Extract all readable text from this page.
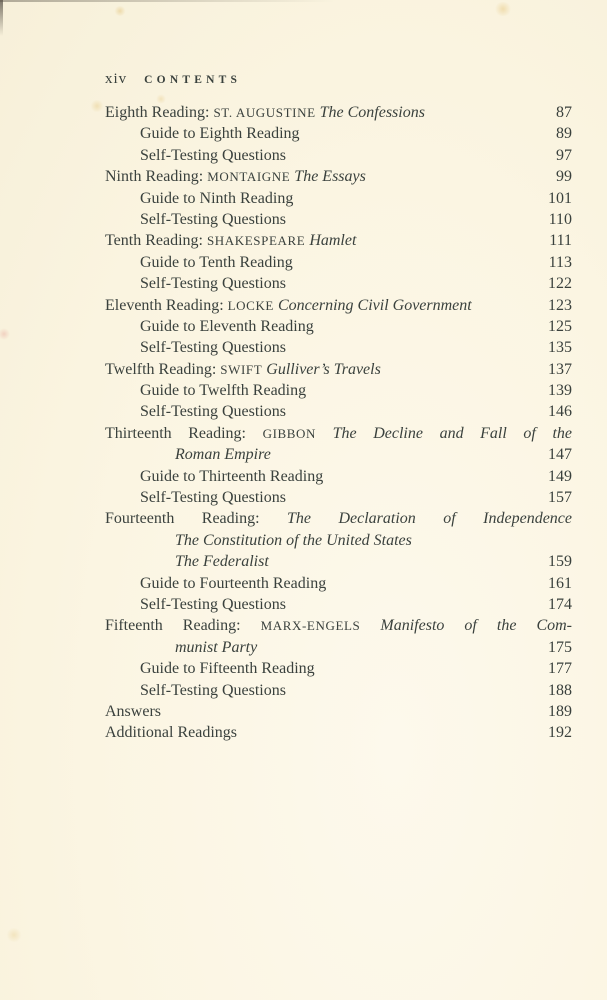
xiv CONTENTS
Eighth Reading: ST. AUGUSTINE The Confessions	87
Guide to Eighth Reading	89
Self-Testing Questions	97
Ninth Reading: MONTAIGNE The Essays	99
Guide to Ninth Reading	101
Self-Testing Questions	110
Tenth Reading: SHAKESPEARE Hamlet	111
Guide to Tenth Reading	113
Self-Testing Questions	122
Eleventh Reading: LOCKE Concerning Civil Government	123
Guide to Eleventh Reading	125
Self-Testing Questions	135
Twelfth Reading: SWIFT Gulliver’s Travels	137
Guide to Twelfth Reading	139
Self-Testing Questions	146
Thirteenth Reading: GIBBON The Decline and Fall of the
Roman Empire	147
Guide to Thirteenth Reading	149
Self-Testing Questions	157
Fourteenth Reading: The Declaration of Independence
The Constitution of the United States
The Federalist	159
Guide to Fourteenth Reading	161
Self-Testing Questions	174
Fifteenth Reading: MARX-ENGELS Manifesto of the Com-
munist Party	175
Guide to Fifteenth Reading	177
Self-Testing Questions	188
Answers	189
Additional Readings	192
